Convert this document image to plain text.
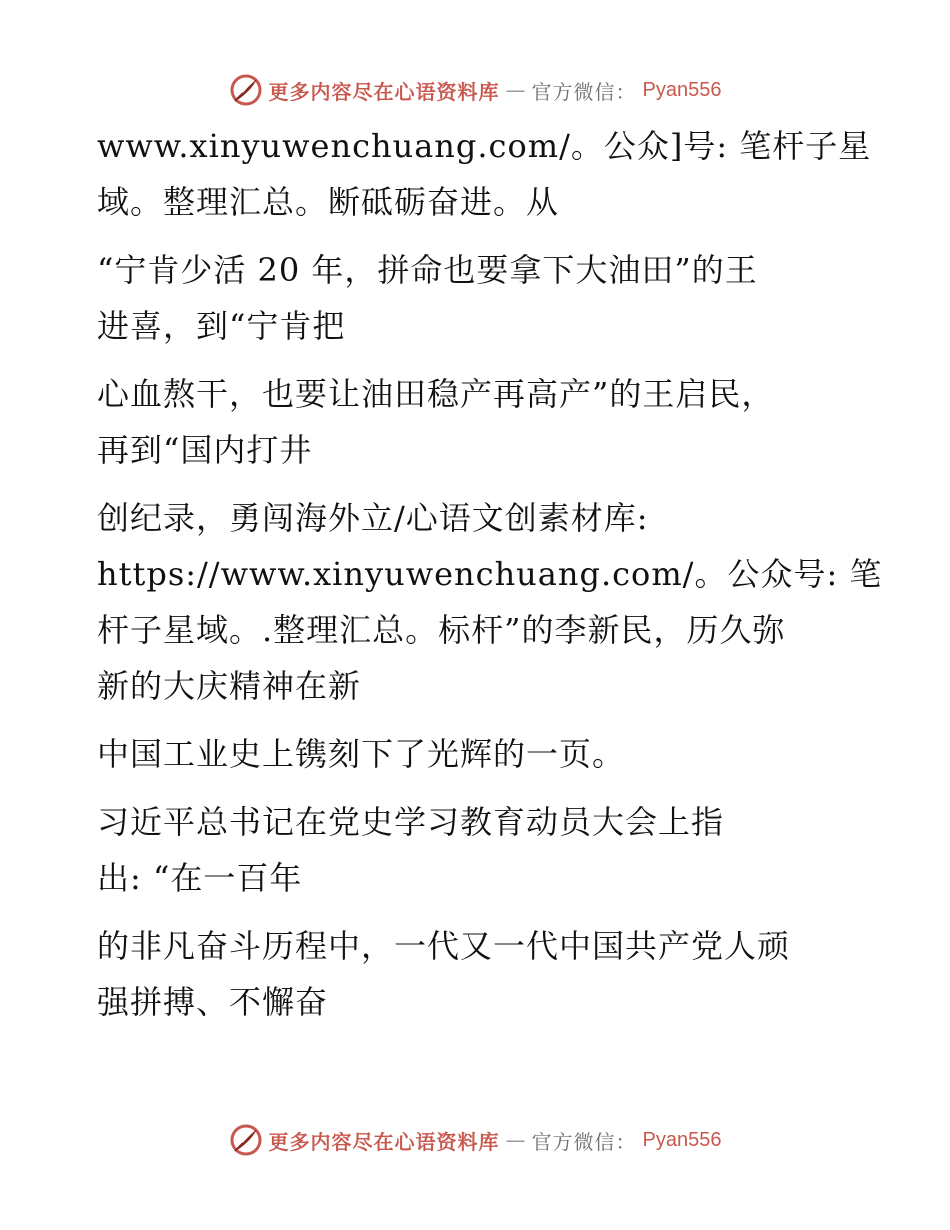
更多内容尽在心语资料库 — 官方微信： Pyan556
www.xinyuwenchuang.com/。公众]号: 笔杆子星
域。整理汇总。断砥砺奋进。从
“宁肯少活 20 年，拼命也要拿下大油田”的王
进喜，到“宁肯把
心血熬干，也要让油田稳产再高产”的王启民，
再到“国内打井
创纪录，勇闯海外立/心语文创素材库:
https://www.xinyuwenchuang.com/。公众号: 笔
杆子星域。.整理汇总。标杆”的李新民，历久弥
新的大庆精神在新
中国工业史上镌刻下了光辉的一页。
习近平总书记在党史学习教育动员大会上指
出: “在一百年
的非凡奋斗历程中，一代又一代中国共产党人顽
强拼搏、不懈奋
更多内容尽在心语资料库 — 官方微信： Pyan556
